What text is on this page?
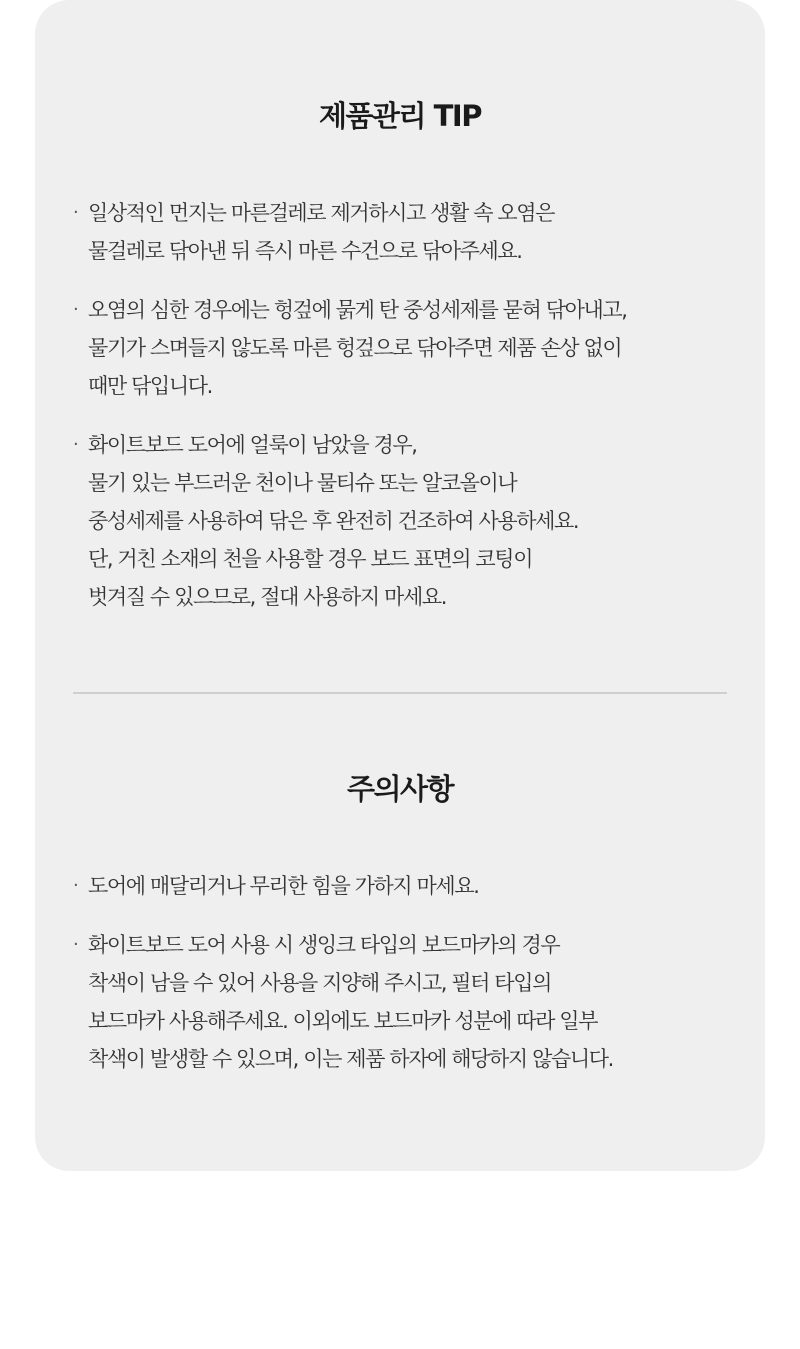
제품관리 TIP
· 일상적인 먼지는 마른걸레로 제거하시고 생활 속 오염은
물걸레로 닦아낸 뒤 즉시 마른 수건으로 닦아주세요.
· 오염의 심한 경우에는 헝겊에 묽게 탄 중성세제를 묻혀 닦아내고,
물기가 스며들지 않도록 마른 헝겊으로 닦아주면 제품 손상 없이
때만 닦입니다.
· 화이트보드 도어에 얼룩이 남았을 경우,
물기 있는 부드러운 천이나 물티슈 또는 알코올이나
중성세제를 사용하여 닦은 후 완전히 건조하여 사용하세요.
단, 거친 소재의 천을 사용할 경우 보드 표면의 코팅이
벗겨질 수 있으므로, 절대 사용하지 마세요.
주의사항
· 도어에 매달리거나 무리한 힘을 가하지 마세요.
· 화이트보드 도어 사용 시 생잉크 타입의 보드마카의 경우
착색이 남을 수 있어 사용을 지양해 주시고, 필터 타입의
보드마카 사용해주세요. 이외에도 보드마카 성분에 따라 일부
착색이 발생할 수 있으며, 이는 제품 하자에 해당하지 않습니다.
